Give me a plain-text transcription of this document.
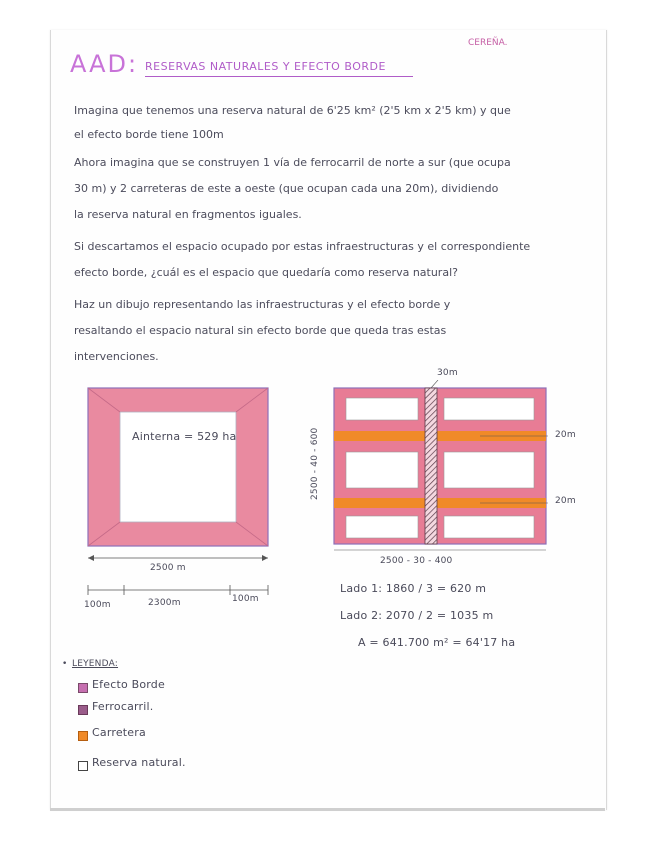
CEREÑA.
AAD: RESERVAS NATURALES Y EFECTO BORDE
Imagina que tenemos una reserva natural de 6'25 km² (2'5 km x 2'5 km) y que
el efecto borde tiene 100m
Ahora imagina que se construyen 1 vía de ferrocarril de norte a sur (que ocupa
30 m) y 2 carreteras de este a oeste (que ocupan cada una 20m), dividiendo
la reserva natural en fragmentos iguales.
Si descartamos el espacio ocupado por estas infraestructuras y el correspondiente
efecto borde, ¿cuál es el espacio que quedaría como reserva natural?
Haz un dibujo representando las infraestructuras y el efecto borde y
resaltando el espacio natural sin efecto borde que queda tras estas
intervenciones.
Ainterna = 529 ha
2500 m
100m	2300m	100m
30m
20m
20m
2500 - 40 - 600
2500 - 30 - 400
Lado 1: 1860 / 3 = 620 m
Lado 2: 2070 / 2 = 1035 m
A = 641.700 m² = 64'17 ha
• LEYENDA:
Efecto Borde
Ferrocarril.
Carretera
Reserva natural.
